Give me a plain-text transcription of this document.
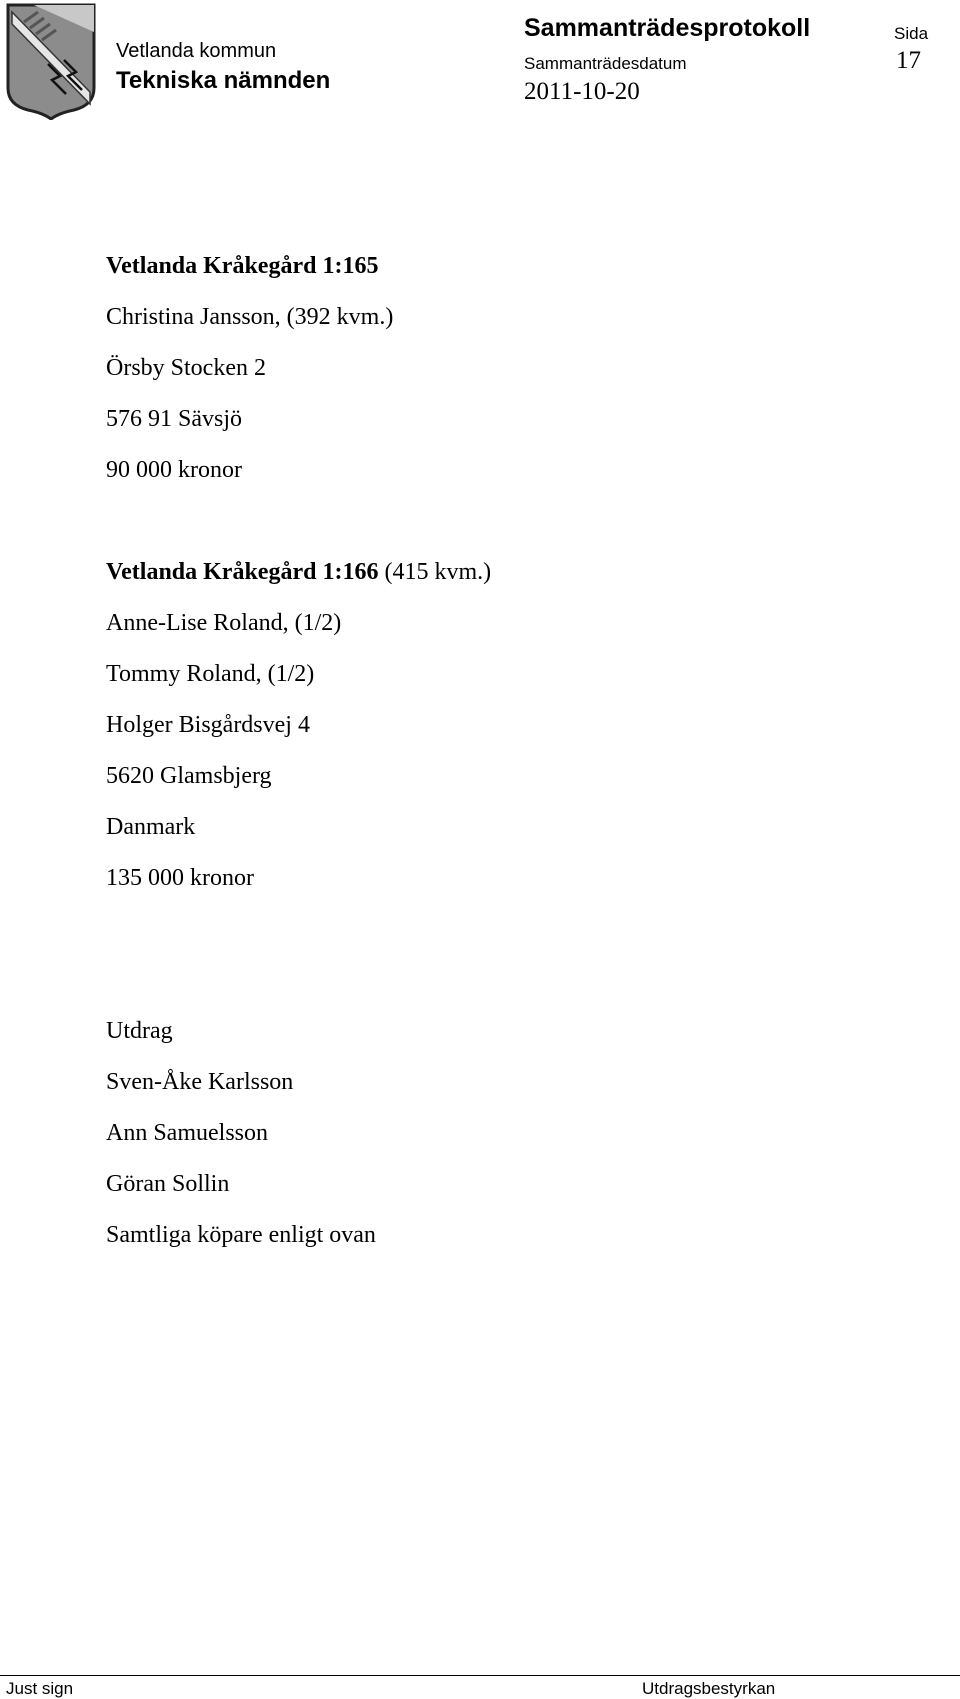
Vetlanda kommun
Tekniska nämnden
Sammanträdesprotokoll
Sammanträdesdatum
2011-10-20
Sida
17
Vetlanda Kråkegård 1:165
Christina Jansson, (392 kvm.)
Örsby Stocken 2
576 91 Sävsjö
90 000 kronor
Vetlanda Kråkegård 1:166 (415 kvm.)
Anne-Lise Roland, (1/2)
Tommy Roland, (1/2)
Holger Bisgårdsvej 4
5620 Glamsbjerg
Danmark
135 000 kronor
Utdrag
Sven-Åke Karlsson
Ann Samuelsson
Göran Sollin
Samtliga köpare enligt ovan
Just sign	Utdragsbestyrkan
